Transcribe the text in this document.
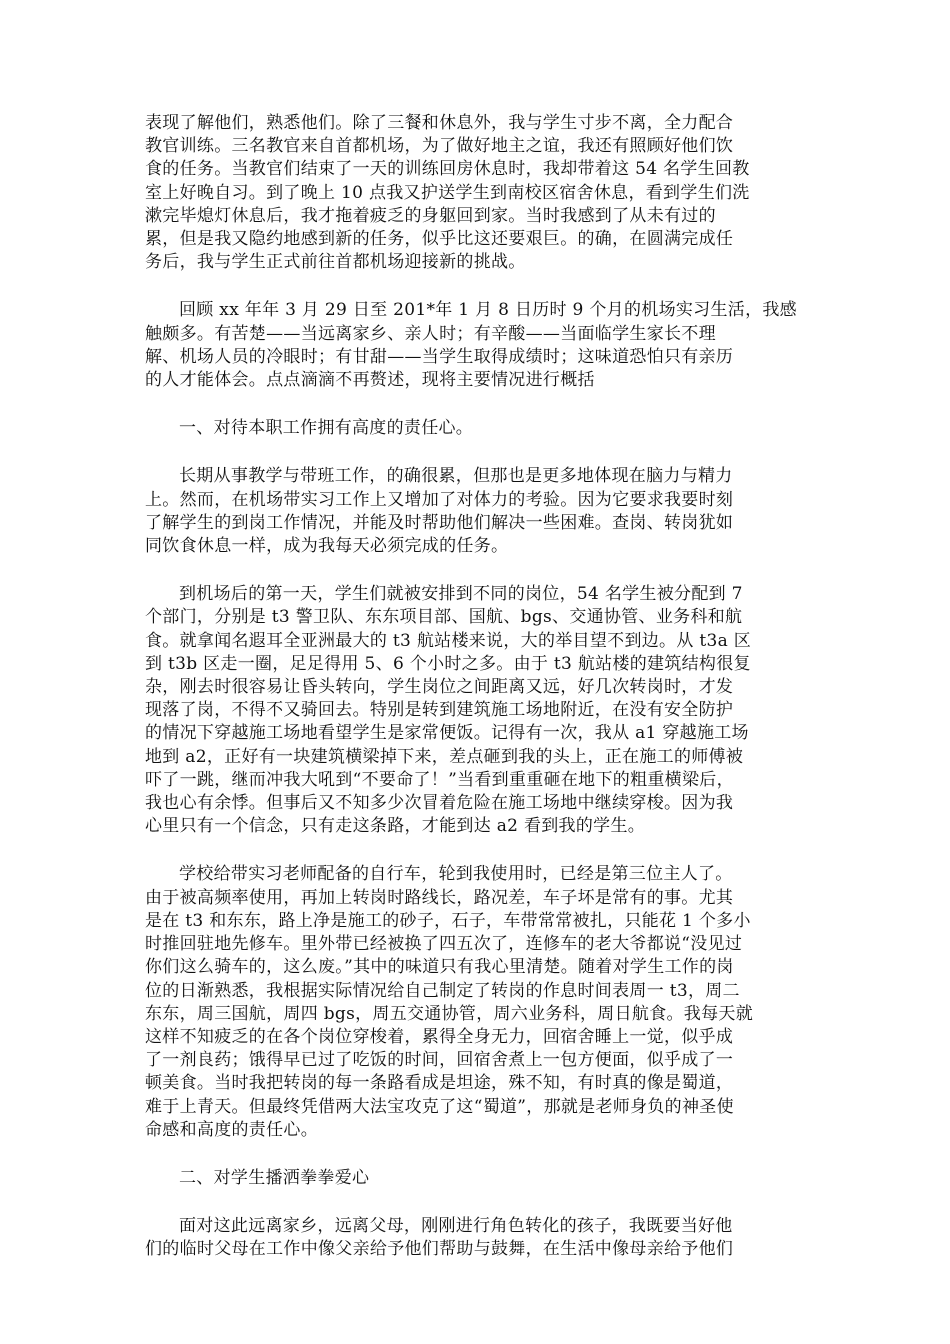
表现了解他们，熟悉他们。除了三餐和休息外，我与学生寸步不离，全力配合
教官训练。三名教官来自首都机场，为了做好地主之谊，我还有照顾好他们饮
食的任务。当教官们结束了一天的训练回房休息时，我却带着这 54 名学生回教
室上好晚自习。到了晚上 10 点我又护送学生到南校区宿舍休息，看到学生们洗
漱完毕熄灯休息后，我才拖着疲乏的身躯回到家。当时我感到了从未有过的
累，但是我又隐约地感到新的任务，似乎比这还要艰巨。的确，在圆满完成任
务后，我与学生正式前往首都机场迎接新的挑战。
回顾 xx 年年 3 月 29 日至 201*年 1 月 8 日历时 9 个月的机场实习生活，我感
触颇多。有苦楚——当远离家乡、亲人时；有辛酸——当面临学生家长不理
解、机场人员的冷眼时；有甘甜——当学生取得成绩时；这味道恐怕只有亲历
的人才能体会。点点滴滴不再赘述，现将主要情况进行概括
一、对待本职工作拥有高度的责任心。
长期从事教学与带班工作，的确很累，但那也是更多地体现在脑力与精力
上。然而，在机场带实习工作上又增加了对体力的考验。因为它要求我要时刻
了解学生的到岗工作情况，并能及时帮助他们解决一些困难。查岗、转岗犹如
同饮食休息一样，成为我每天必须完成的任务。
到机场后的第一天，学生们就被安排到不同的岗位，54 名学生被分配到 7
个部门，分别是 t3 警卫队、东东项目部、国航、bgs、交通协管、业务科和航
食。就拿闻名遐耳全亚洲最大的 t3 航站楼来说，大的举目望不到边。从 t3a 区
到 t3b 区走一圈，足足得用 5、6 个小时之多。由于 t3 航站楼的建筑结构很复
杂，刚去时很容易让昏头转向，学生岗位之间距离又远，好几次转岗时，才发
现落了岗，不得不又骑回去。特别是转到建筑施工场地附近，在没有安全防护
的情况下穿越施工场地看望学生是家常便饭。记得有一次，我从 a1 穿越施工场
地到 a2，正好有一块建筑横梁掉下来，差点砸到我的头上，正在施工的师傅被
吓了一跳，继而冲我大吼到“不要命了！”当看到重重砸在地下的粗重横梁后，
我也心有余悸。但事后又不知多少次冒着危险在施工场地中继续穿梭。因为我
心里只有一个信念，只有走这条路，才能到达 a2 看到我的学生。
学校给带实习老师配备的自行车，轮到我使用时，已经是第三位主人了。
由于被高频率使用，再加上转岗时路线长，路况差，车子坏是常有的事。尤其
是在 t3 和东东，路上净是施工的砂子，石子，车带常常被扎，只能花 1 个多小
时推回驻地先修车。里外带已经被换了四五次了，连修车的老大爷都说“没见过
你们这么骑车的，这么废。”其中的味道只有我心里清楚。随着对学生工作的岗
位的日渐熟悉，我根据实际情况给自己制定了转岗的作息时间表周一 t3，周二
东东，周三国航，周四 bgs，周五交通协管，周六业务科，周日航食。我每天就
这样不知疲乏的在各个岗位穿梭着，累得全身无力，回宿舍睡上一觉，似乎成
了一剂良药；饿得早已过了吃饭的时间，回宿舍煮上一包方便面，似乎成了一
顿美食。当时我把转岗的每一条路看成是坦途，殊不知，有时真的像是蜀道，
难于上青天。但最终凭借两大法宝攻克了这“蜀道”，那就是老师身负的神圣使
命感和高度的责任心。
二、对学生播洒拳拳爱心
面对这此远离家乡，远离父母，刚刚进行角色转化的孩子，我既要当好他
们的临时父母在工作中像父亲给予他们帮助与鼓舞，在生活中像母亲给予他们
